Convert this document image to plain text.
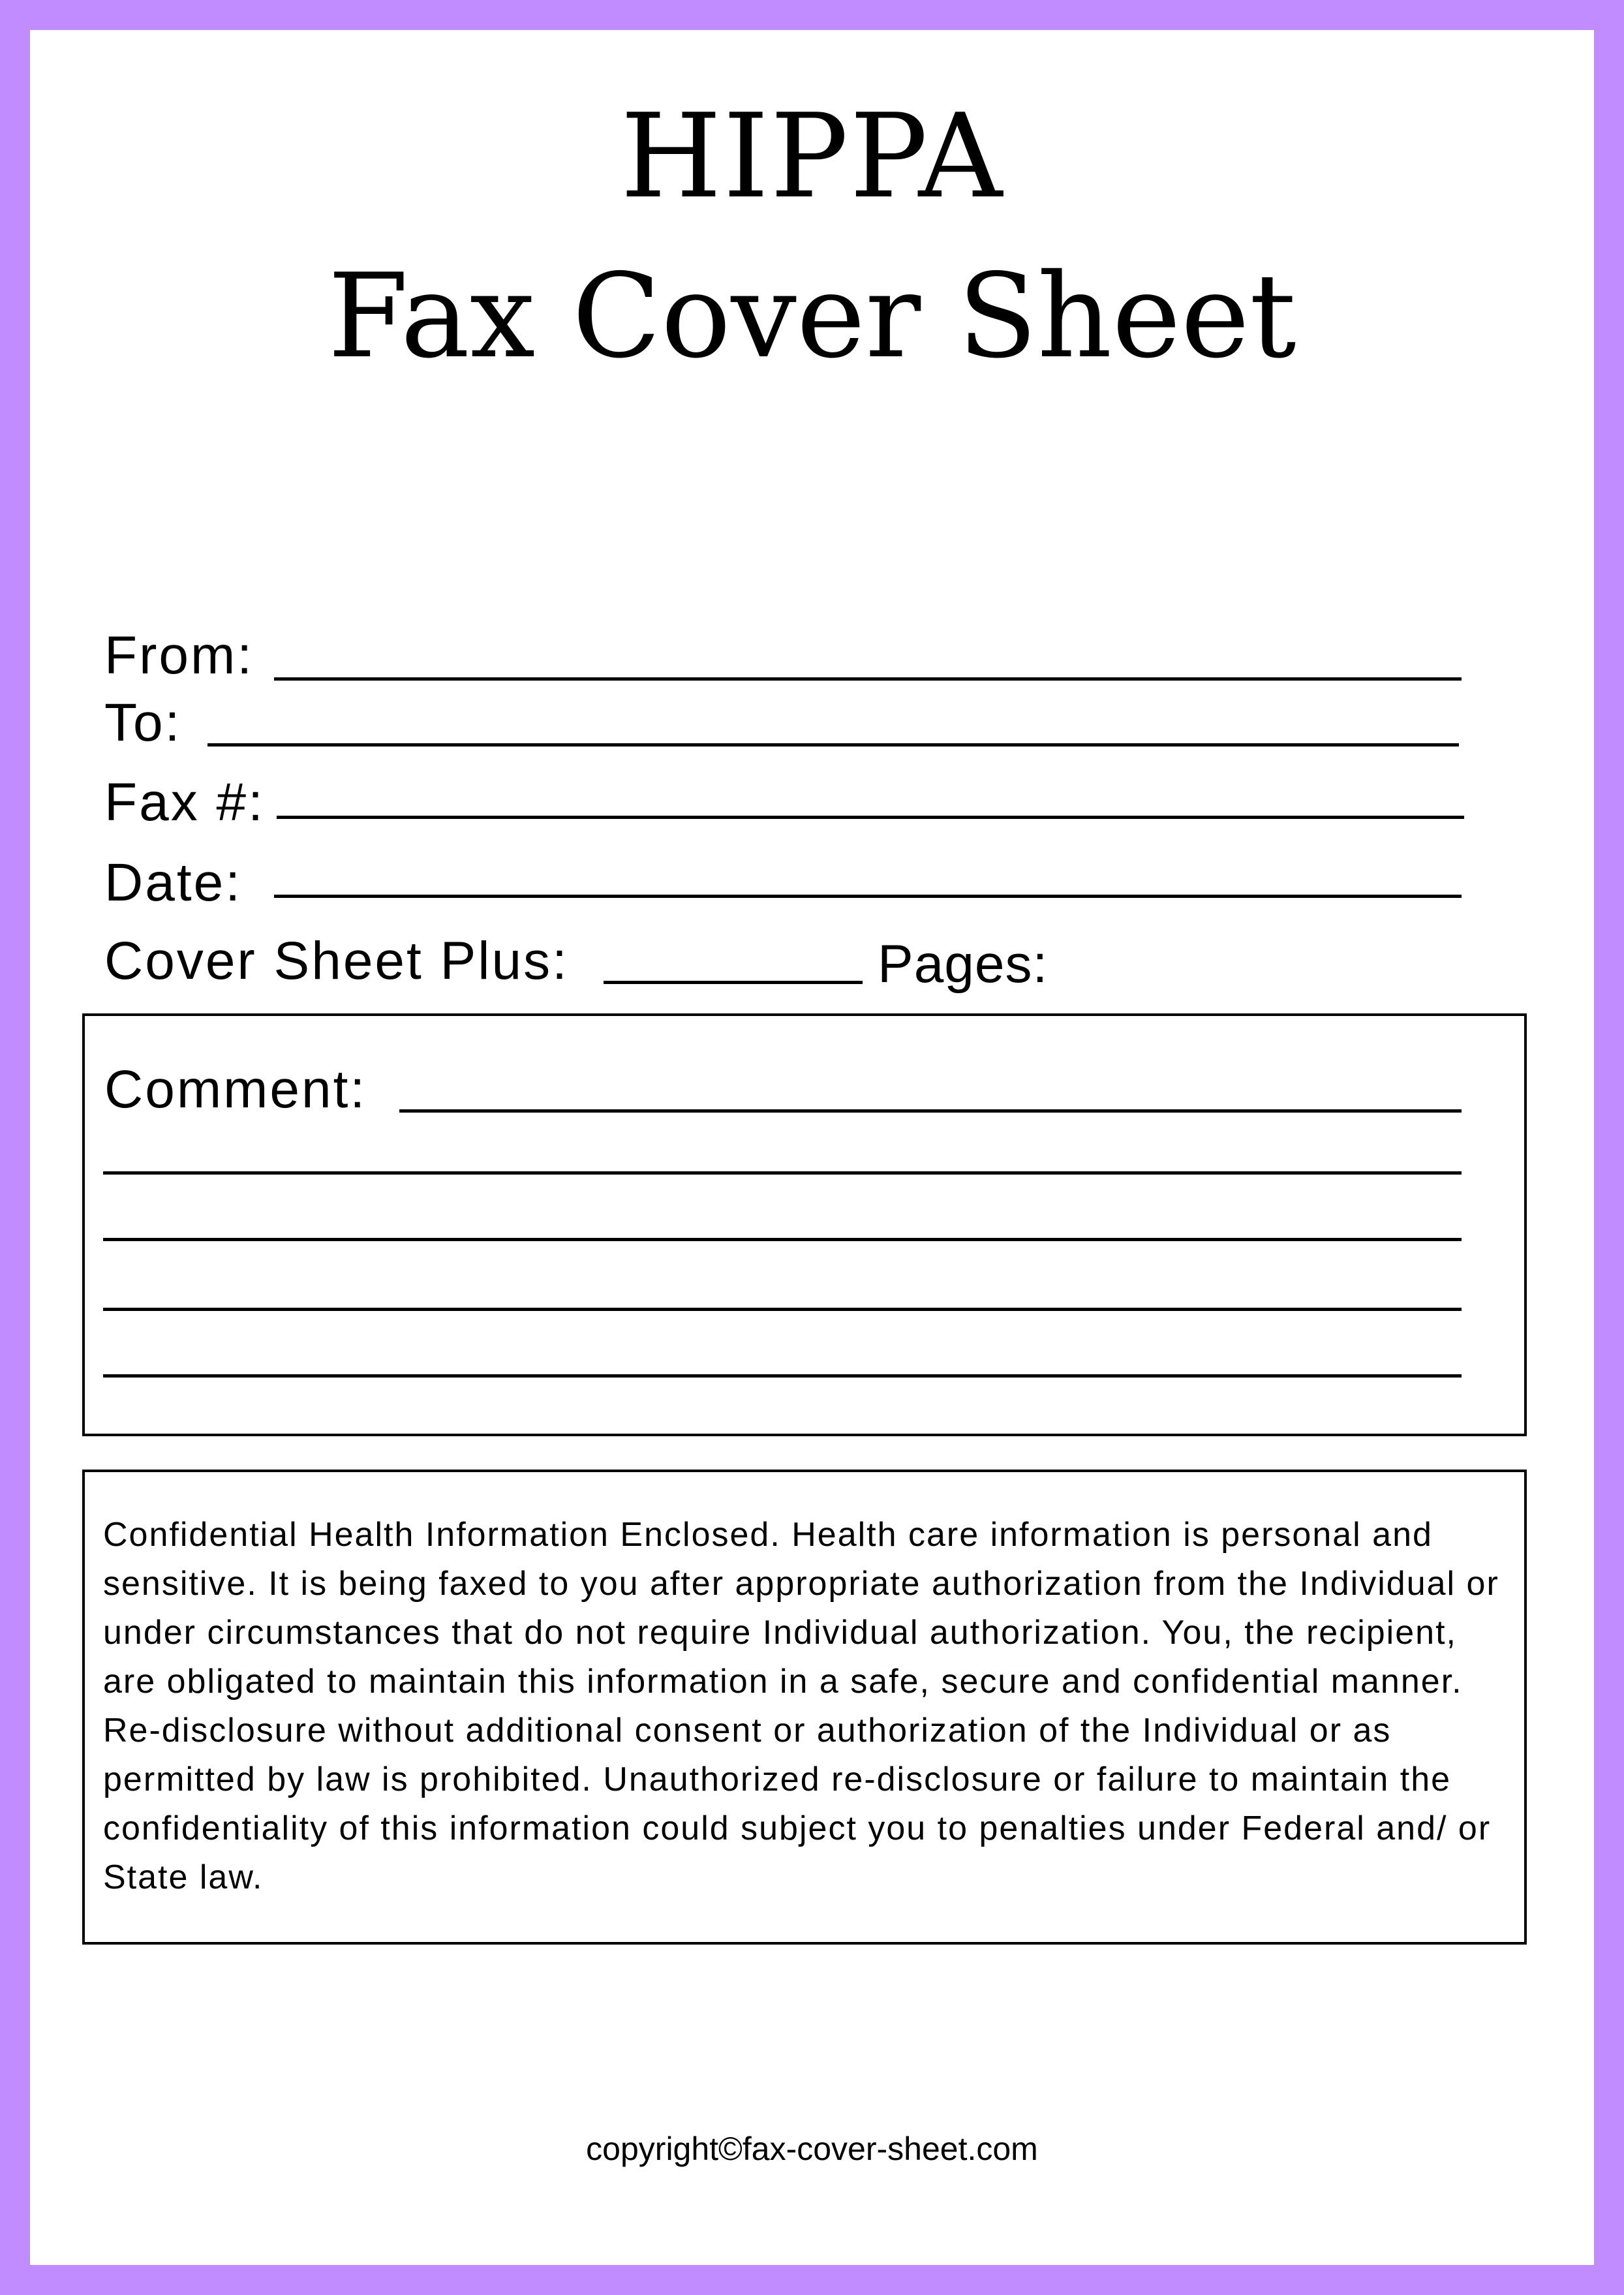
HIPPA
Fax Cover Sheet
From:
To:
Fax #:
Date:
Cover Sheet Plus:	Pages:
Comment:

Confidential Health Information Enclosed. Health care information is personal and sensitive. It is being faxed to you after appropriate authorization from the Individual or under circumstances that do not require Individual authorization. You, the recipient, are obligated to maintain this information in a safe, secure and confidential manner. Re-disclosure without additional consent or authorization of the Individual or as permitted by law is prohibited. Unauthorized re-disclosure or failure to maintain the confidentiality of this information could subject you to penalties under Federal and/ or State law.

copyright©fax-cover-sheet.com
